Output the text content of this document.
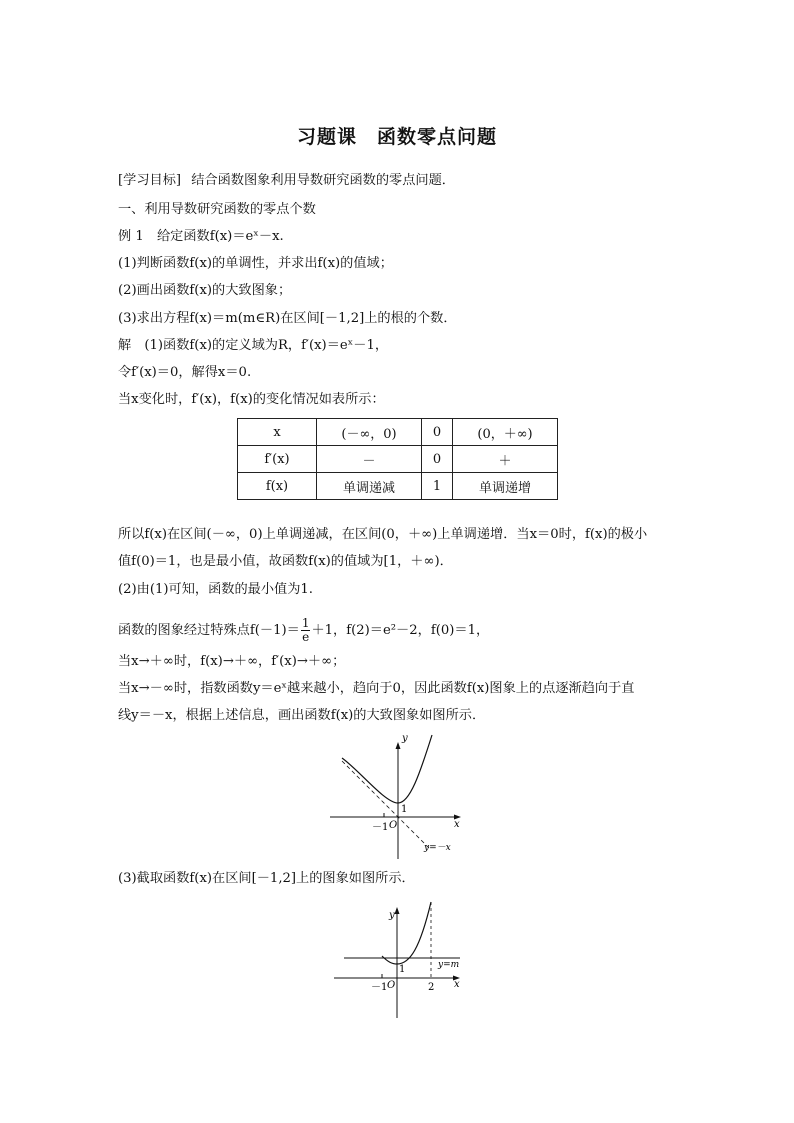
习题课　函数零点问题
[学习目标] 结合函数图象利用导数研究函数的零点问题．
一、利用导数研究函数的零点个数
例 1　给定函数f(x)＝eˣ－x.
(1)判断函数f(x)的单调性，并求出f(x)的值域；
(2)画出函数f(x)的大致图象；
(3)求出方程f(x)＝m(m∈R)在区间[－1,2]上的根的个数．
解　(1)函数f(x)的定义域为R，f′(x)＝eˣ－1，
令f′(x)＝0，解得x＝0.
当x变化时，f′(x)，f(x)的变化情况如表所示：
x	(－∞，0)	0	(0，＋∞)
f′(x)	－	0	＋
f(x)	单调递减	1	单调递增
所以f(x)在区间(－∞，0)上单调递减，在区间(0，＋∞)上单调递增．当x＝0时，f(x)的极小
值f(0)＝1，也是最小值，故函数f(x)的值域为[1，＋∞)．
(2)由(1)可知，函数的最小值为1.
函数的图象经过特殊点$f(-1)= \frac{1}{e} +1$，f(2)＝e²－2，f(0)＝1，
当x→＋∞时，f(x)→＋∞，f′(x)→＋∞；
当x→－∞时，指数函数y＝eˣ越来越小，趋向于0，因此函数f(x)图象上的点逐渐趋向于直
线y＝－x，根据上述信息，画出函数f(x)的大致图象如图所示．
y
x
1
－1 O
y=－x
(3)截取函数f(x)在区间[－1,2]上的图象如图所示．
y
x
1
－1 O	2
y=m
